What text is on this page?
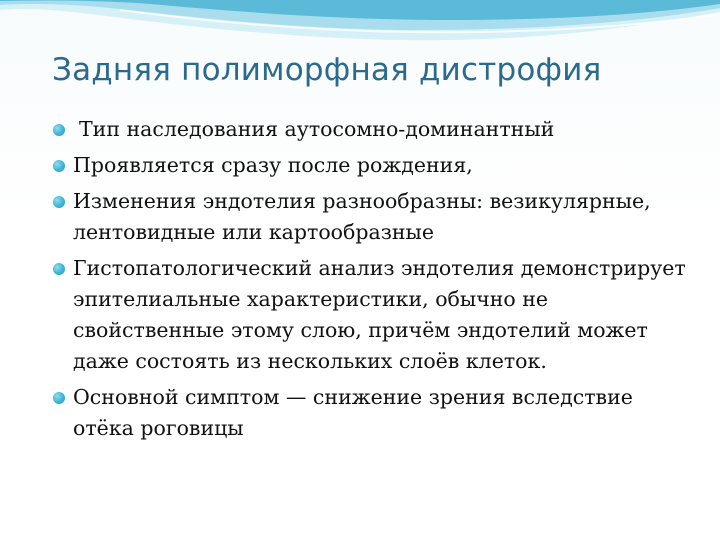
Задняя полиморфная дистрофия
Тип наследования аутосомно-доминантный
Проявляется сразу после рождения,
Изменения эндотелия разнообразны: везикулярные, лентовидные или картообразные
Гистопатологический анализ эндотелия демонстрирует эпителиальные характеристики, обычно не свойственные этому слою, причём эндотелий может даже состоять из нескольких слоёв клеток.
Основной симптом — снижение зрения вследствие отёка роговицы
